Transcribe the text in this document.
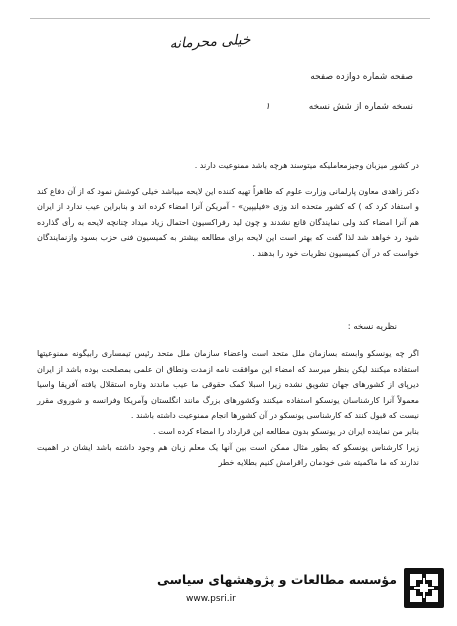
خیلی محرمانه
صفحه شماره دوازده صفحه
نسخه شماره از شش نسخه ۱

در کشور میزبان وجیزمعاملیکه میتوسند هرچه باشد ممنوعیت دارند .

دکتر زاهدی معاون پارلمانی وزارت علوم که ظاهراً تهیه کننده این لایحه میباشد خیلی کوشش نمود که از آن دفاع کند و استفاد کرد که ) که کشور متحده اند وزی «فیلیپین» - آمریکن آنرا امضاء کرده اند و بنابراین عیب ندارد از ایران هم آنرا امضاء کند ولی نمایندگان قانع نشدند و چون لید رفراکسیون احتمال زیاد میداد چنانچه لایحه به رأی گذارده شود رد خواهد شد لذا گفت که بهتر است این لایحه برای مطالعه بیشتر به کمیسیون فنی حزب بسود وازنمایندگان خواست که در آن کمیسیون نظریات خود را بدهند .

نظریه نسخه :

اگر چه یونسکو وابسته بسازمان ملل متحد است واعضاء سازمان ملل متحد رئیس تیمساری رابیگونه ممنوعیتها استفاده میکنند لیکن بنظر میرسد که امضاء این موافقت نامه ازمدت ونطاق ان علمی بمصلحت بوده باشد از ایران دیرپای از کشورهای جهان تشویق نشده زیرا اسبلا کمک حقوقی ما عیب ماندند وناره استقلال یافته آفریقا واسیا معمولاً آنرا کارشناسان یونسکو استفاده میکنند وکشورهای بزرگ مانند انگلستان وآمریکا وفرانسه و شوروی مقرر نیست که قبول کنند که کارشناسی یونسکو در آن کشورها انجام ممنوعیت داشته باشند .

بنابر من نماینده ایران در یونسکو بدون مطالعه این قرارداد را امضاء کرده است .

زیرا کارشناس یونسکو که بطور مثال ممکن است بین آنها یک معلم زبان هم وجود داشته باشد ایشان در اهمیت ندارند که ما ماکمیته شی خودمان راقرامش کنیم بطلایه خطر

مؤسسه مطالعات و پژوهشهای سیاسی
www.psri.ir
